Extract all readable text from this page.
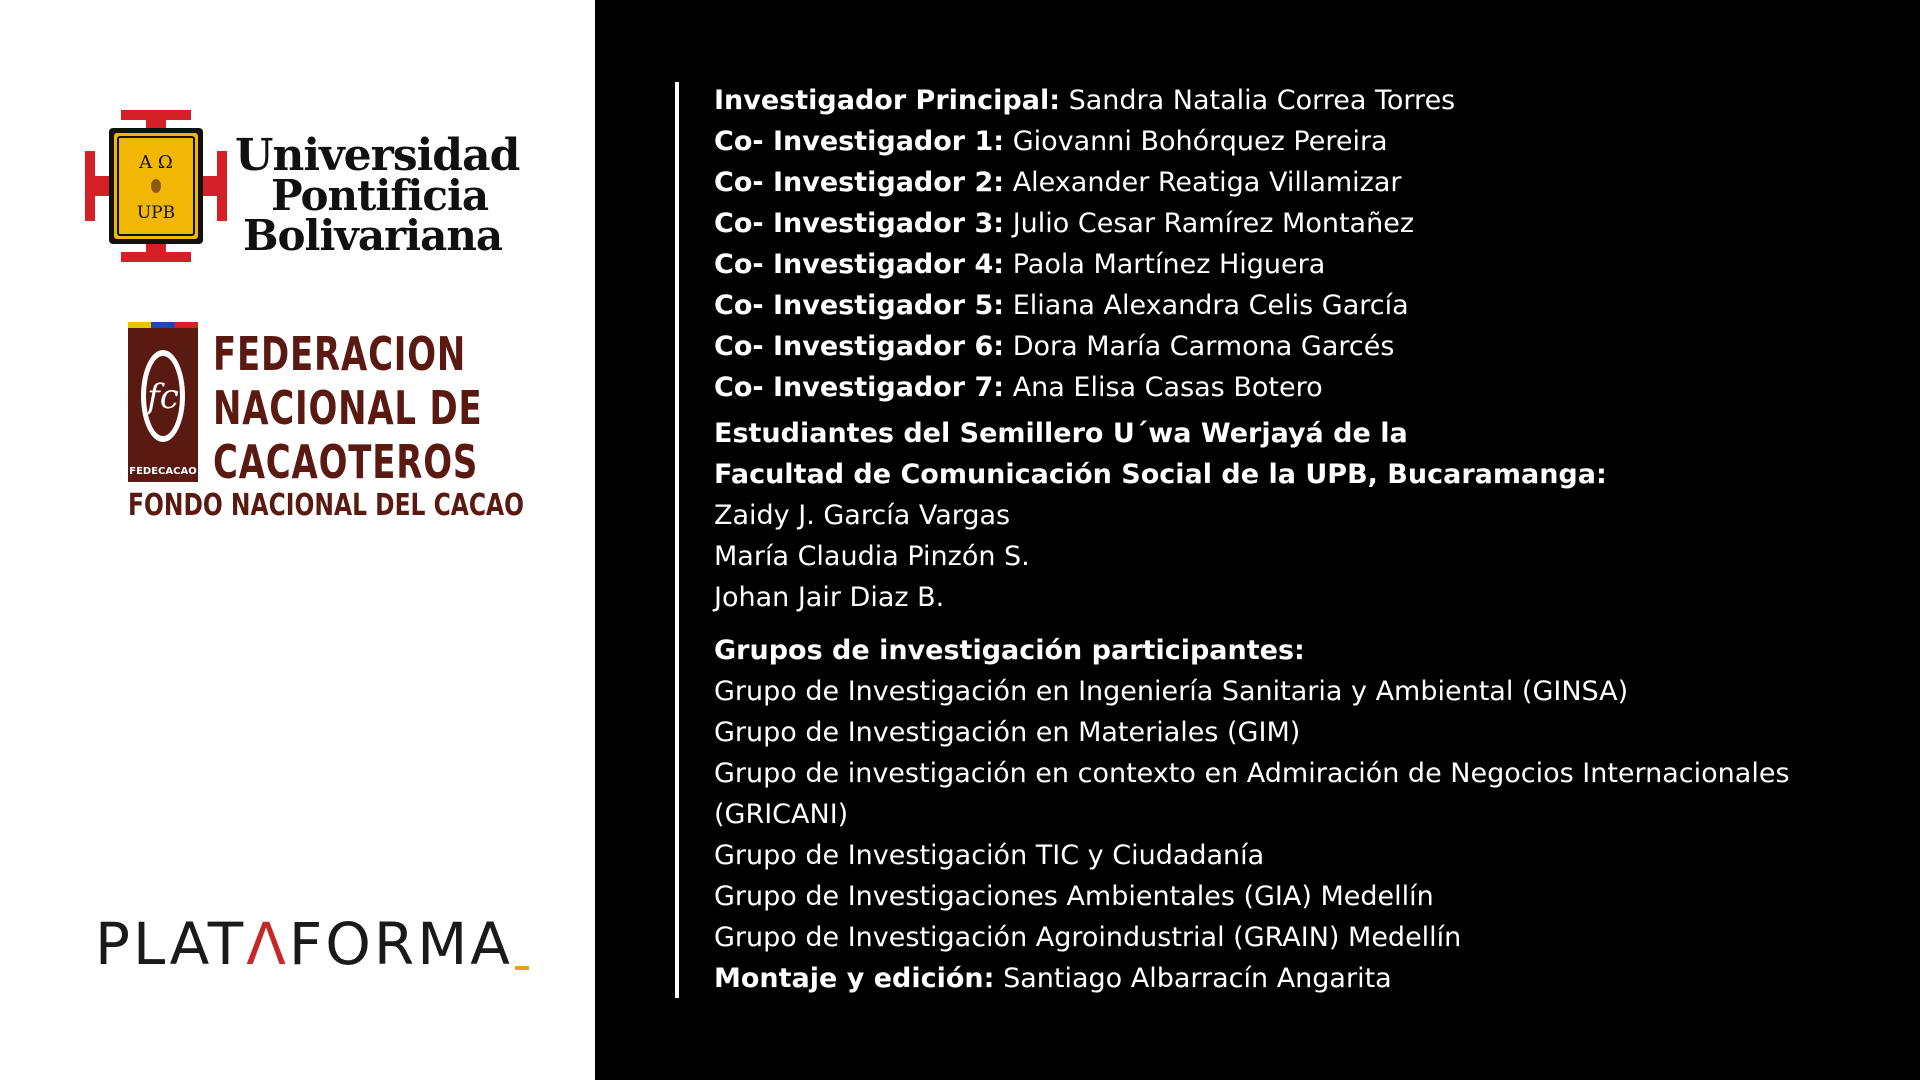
A Ω
UPB
Universidad
Pontificia
Bolivariana
fc
FEDECACAO
FEDERACION
NACIONAL DE
CACAOTEROS
FONDO NACIONAL DEL CACAO
PLAT Λ FORMA
Investigador Principal: Sandra Natalia Correa Torres
Co- Investigador 1: Giovanni Bohórquez Pereira
Co- Investigador 2: Alexander Reatiga Villamizar
Co- Investigador 3: Julio Cesar Ramírez Montañez
Co- Investigador 4: Paola Martínez Higuera
Co- Investigador 5: Eliana Alexandra Celis García
Co- Investigador 6: Dora María Carmona Garcés
Co- Investigador 7: Ana Elisa Casas Botero
Estudiantes del Semillero U´wa Werjayá de la
Facultad de Comunicación Social de la UPB, Bucaramanga:
Zaidy J. García Vargas
María Claudia Pinzón S.
Johan Jair Diaz B.
Grupos de investigación participantes:
Grupo de Investigación en Ingeniería Sanitaria y Ambiental (GINSA)
Grupo de Investigación en Materiales (GIM)
Grupo de investigación en contexto en Admiración de Negocios Internacionales
(GRICANI)
Grupo de Investigación TIC y Ciudadanía
Grupo de Investigaciones Ambientales (GIA) Medellín
Grupo de Investigación Agroindustrial (GRAIN) Medellín
Montaje y edición: Santiago Albarracín Angarita
